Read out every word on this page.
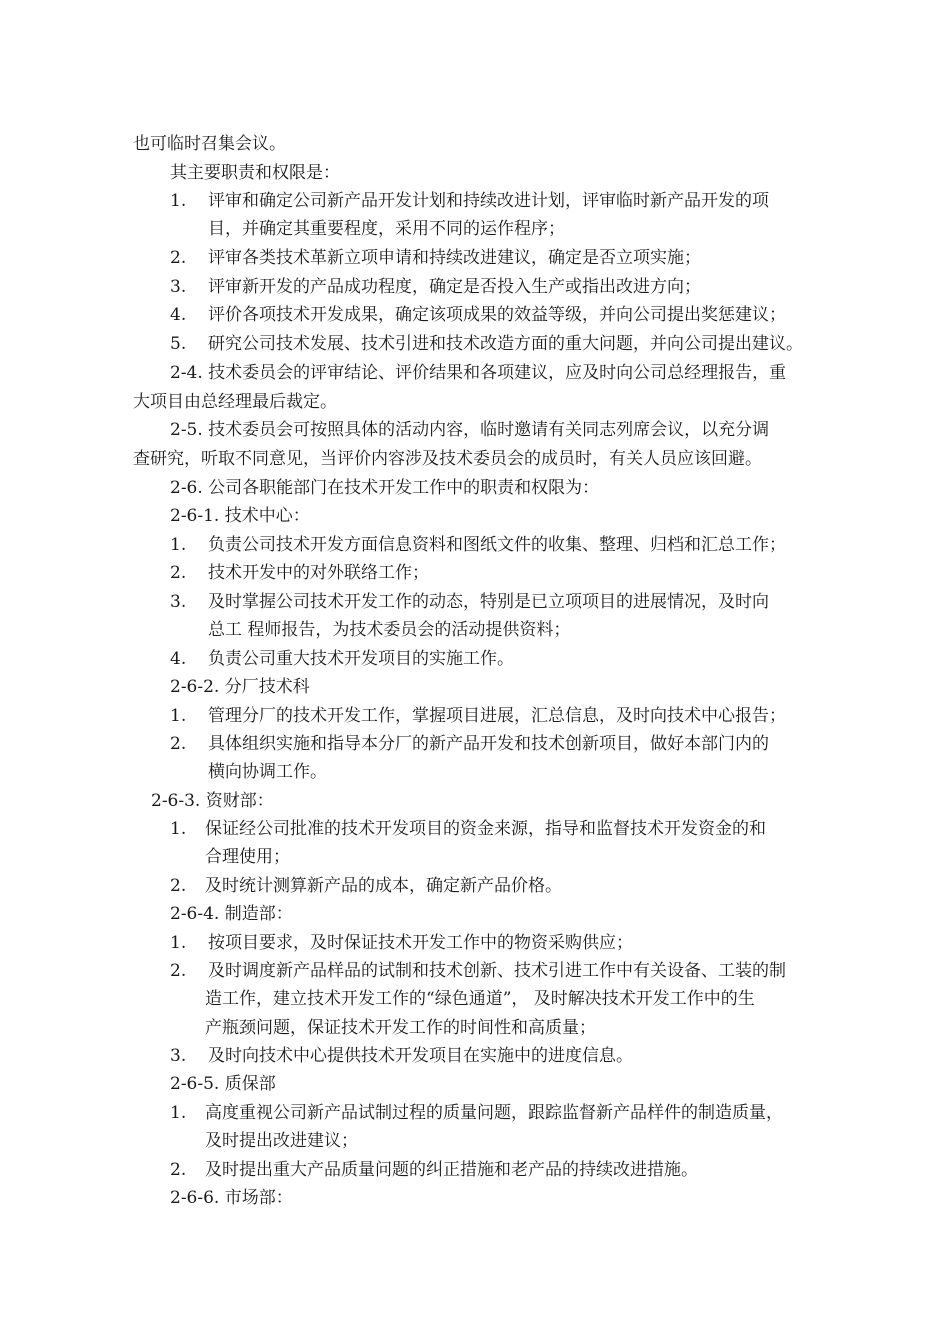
也可临时召集会议。
其主要职责和权限是：
1. 评审和确定公司新产品开发计划和持续改进计划，评审临时新产品开发的项
目，并确定其重要程度，采用不同的运作程序；
2. 评审各类技术革新立项申请和持续改进建议，确定是否立项实施；
3. 评审新开发的产品成功程度，确定是否投入生产或指出改进方向；
4. 评价各项技术开发成果，确定该项成果的效益等级，并向公司提出奖惩建议；
5. 研究公司技术发展、技术引进和技术改造方面的重大问题，并向公司提出建议。
2-4. 技术委员会的评审结论、评价结果和各项建议，应及时向公司总经理报告，重
大项目由总经理最后裁定。
2-5. 技术委员会可按照具体的活动内容，临时邀请有关同志列席会议，以充分调
查研究，听取不同意见，当评价内容涉及技术委员会的成员时，有关人员应该回避。
2-6. 公司各职能部门在技术开发工作中的职责和权限为：
2-6-1. 技术中心：
1. 负责公司技术开发方面信息资料和图纸文件的收集、整理、归档和汇总工作；
2. 技术开发中的对外联络工作；
3. 及时掌握公司技术开发工作的动态，特别是已立项项目的进展情况，及时向
总工 程师报告，为技术委员会的活动提供资料；
4. 负责公司重大技术开发项目的实施工作。
2-6-2. 分厂技术科
1. 管理分厂的技术开发工作，掌握项目进展，汇总信息，及时向技术中心报告；
2. 具体组织实施和指导本分厂的新产品开发和技术创新项目，做好本部门内的
横向协调工作。
2-6-3. 资财部：
1. 保证经公司批准的技术开发项目的资金来源，指导和监督技术开发资金的和
合理使用；
2. 及时统计测算新产品的成本，确定新产品价格。
2-6-4. 制造部：
1. 按项目要求，及时保证技术开发工作中的物资采购供应；
2. 及时调度新产品样品的试制和技术创新、技术引进工作中有关设备、工装的制
造工作，建立技术开发工作的“绿色通道”， 及时解决技术开发工作中的生
产瓶颈问题，保证技术开发工作的时间性和高质量；
3. 及时向技术中心提供技术开发项目在实施中的进度信息。
2-6-5. 质保部
1. 高度重视公司新产品试制过程的质量问题，跟踪监督新产品样件的制造质量，
及时提出改进建议；
2. 及时提出重大产品质量问题的纠正措施和老产品的持续改进措施。
2-6-6. 市场部：
